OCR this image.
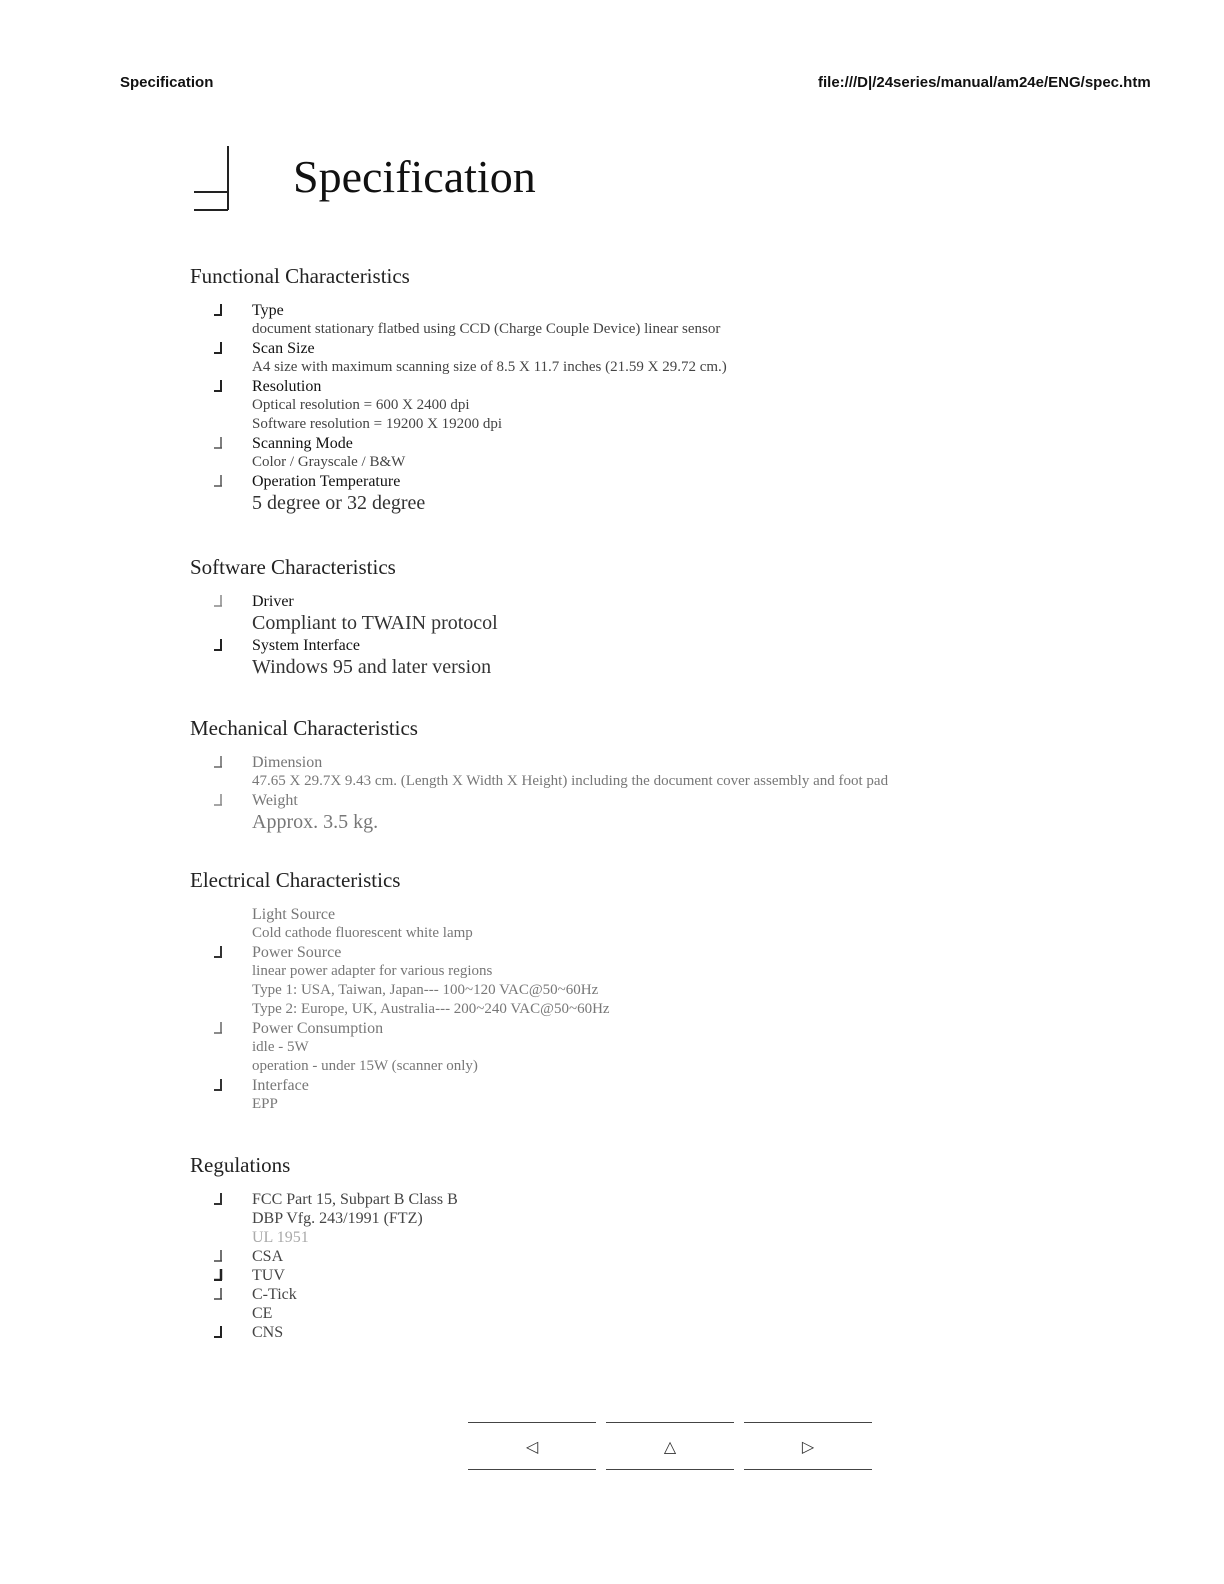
Specification	file:///D|/24series/manual/am24e/ENG/spec.htm
Specification
Functional Characteristics
Type
document stationary flatbed using CCD (Charge Couple Device) linear sensor
Scan Size
A4 size with maximum scanning size of 8.5 X 11.7 inches (21.59 X 29.72 cm.)
Resolution
Optical resolution = 600 X 2400 dpi
Software resolution = 19200 X 19200 dpi
Scanning Mode
Color / Grayscale / B&W
Operation Temperature
5 degree or 32 degree
Software Characteristics
Driver
Compliant to TWAIN protocol
System Interface
Windows 95 and later version
Mechanical Characteristics
Dimension
47.65 X 29.7X 9.43 cm. (Length X Width X Height) including the document cover assembly and foot pad
Weight
Approx. 3.5 kg.
Electrical Characteristics
Light Source
Cold cathode fluorescent white lamp
Power Source
linear power adapter for various regions
Type 1: USA, Taiwan, Japan--- 100~120 VAC@50~60Hz
Type 2: Europe, UK, Australia--- 200~240 VAC@50~60Hz
Power Consumption
idle - 5W
operation - under 15W (scanner only)
Interface
EPP
Regulations
FCC Part 15, Subpart B Class B
DBP Vfg. 243/1991 (FTZ)
UL 1951
CSA
TUV
C-Tick
CE
CNS
◁	△	▷
